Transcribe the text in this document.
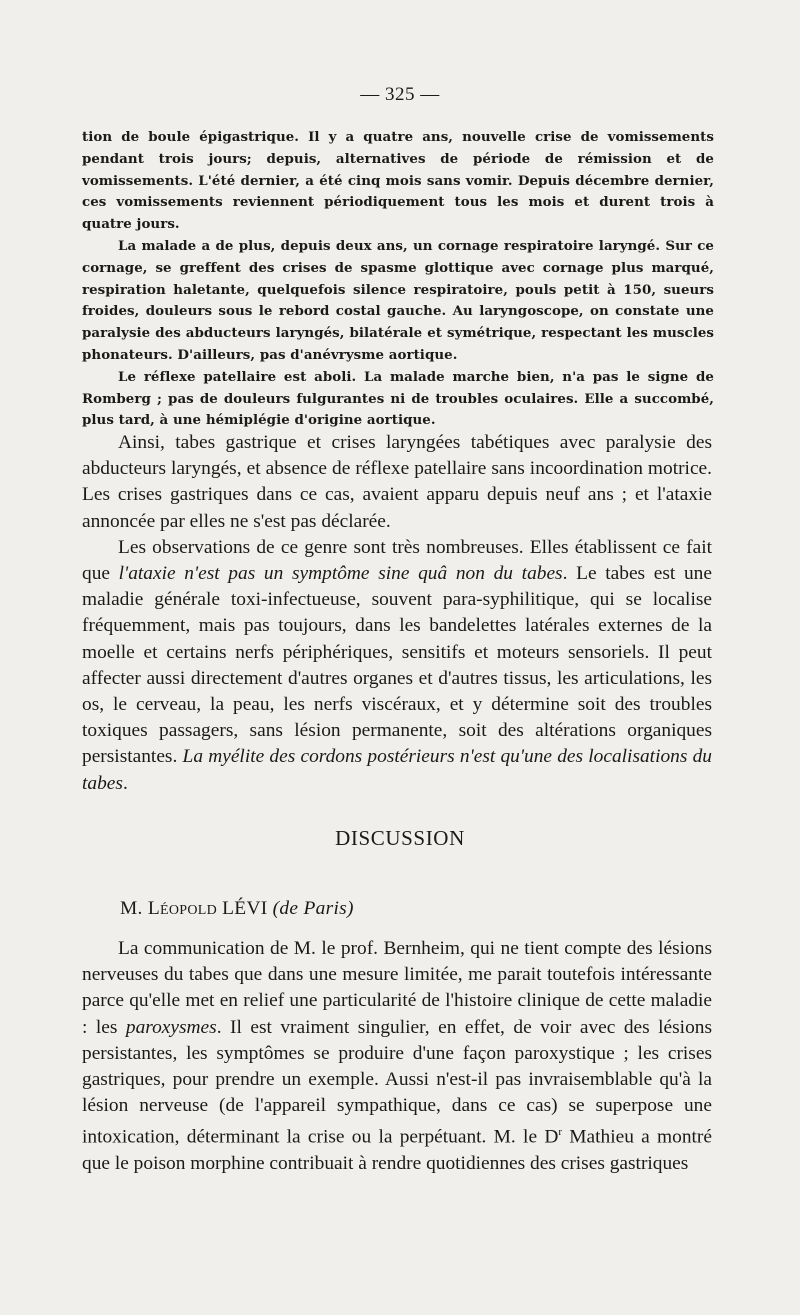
— 325 —

tion de boule épigastrique. Il y a quatre ans, nouvelle crise de vomissements pendant trois jours; depuis, alternatives de période de rémission et de vomissements. L'été dernier, a été cinq mois sans vomir. Depuis décembre dernier, ces vomissements reviennent périodiquement tous les mois et durent trois à quatre jours.

La malade a de plus, depuis deux ans, un cornage respiratoire laryngé. Sur ce cornage, se greffent des crises de spasme glottique avec cornage plus marqué, respiration haletante, quelquefois silence respiratoire, pouls petit à 150, sueurs froides, douleurs sous le rebord costal gauche. Au laryngoscope, on constate une paralysie des abducteurs laryngés, bilatérale et symétrique, respectant les muscles phonateurs. D'ailleurs, pas d'anévrysme aortique.

Le réflexe patellaire est aboli. La malade marche bien, n'a pas le signe de Romberg ; pas de douleurs fulgurantes ni de troubles oculaires. Elle a succombé, plus tard, à une hémiplégie d'origine aortique.

Ainsi, tabes gastrique et crises laryngées tabétiques avec paralysie des abducteurs laryngés, et absence de réflexe patellaire sans incoordination motrice. Les crises gastriques dans ce cas, avaient apparu depuis neuf ans ; et l'ataxie annoncée par elles ne s'est pas déclarée.

Les observations de ce genre sont très nombreuses. Elles établissent ce fait que l'ataxie n'est pas un symptôme sine quâ non du tabes. Le tabes est une maladie générale toxi-infectueuse, souvent para-syphilitique, qui se localise fréquemment, mais pas toujours, dans les bandelettes latérales externes de la moelle et certains nerfs périphériques, sensitifs et moteurs sensoriels. Il peut affecter aussi directement d'autres organes et d'autres tissus, les articulations, les os, le cerveau, la peau, les nerfs viscéraux, et y détermine soit des troubles toxiques passagers, sans lésion permanente, soit des altérations organiques persistantes. La myélite des cordons postérieurs n'est qu'une des localisations du tabes.

DISCUSSION
M. Léopold LÉVI (de Paris)

La communication de M. le prof. Bernheim, qui ne tient compte des lésions nerveuses du tabes que dans une mesure limitée, me parait toutefois intéressante parce qu'elle met en relief une particularité de l'histoire clinique de cette maladie : les paroxysmes. Il est vraiment singulier, en effet, de voir avec des lésions persistantes, les symptômes se produire d'une façon paroxystique ; les crises gastriques, pour prendre un exemple. Aussi n'est-il pas invraisemblable qu'à la lésion nerveuse (de l'appareil sympathique, dans ce cas) se superpose une intoxication, déterminant la crise ou la perpétuant. M. le $D^r$ Mathieu a montré que le poison morphine contribuait à rendre quotidiennes des crises gastriques
